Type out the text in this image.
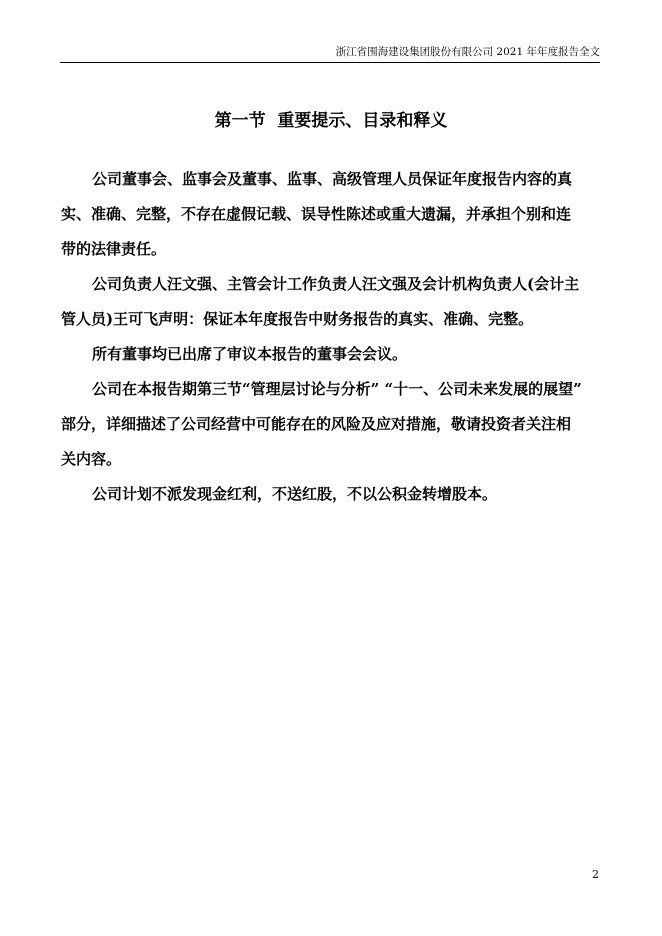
浙江省围海建设集团股份有限公司 2021 年年度报告全文
第一节  重要提示、目录和释义
公司董事会、监事会及董事、监事、高级管理人员保证年度报告内容的真
实、准确、完整，不存在虚假记载、误导性陈述或重大遗漏，并承担个别和连
带的法律责任。
公司负责人汪文强、主管会计工作负责人汪文强及会计机构负责人(会计主
管人员)王可飞声明：保证本年度报告中财务报告的真实、准确、完整。
所有董事均已出席了审议本报告的董事会会议。
公司在本报告期第三节“管理层讨论与分析” “十一、公司未来发展的展望”
部分，详细描述了公司经营中可能存在的风险及应对措施，敬请投资者关注相
关内容。
公司计划不派发现金红利，不送红股，不以公积金转增股本。
2
